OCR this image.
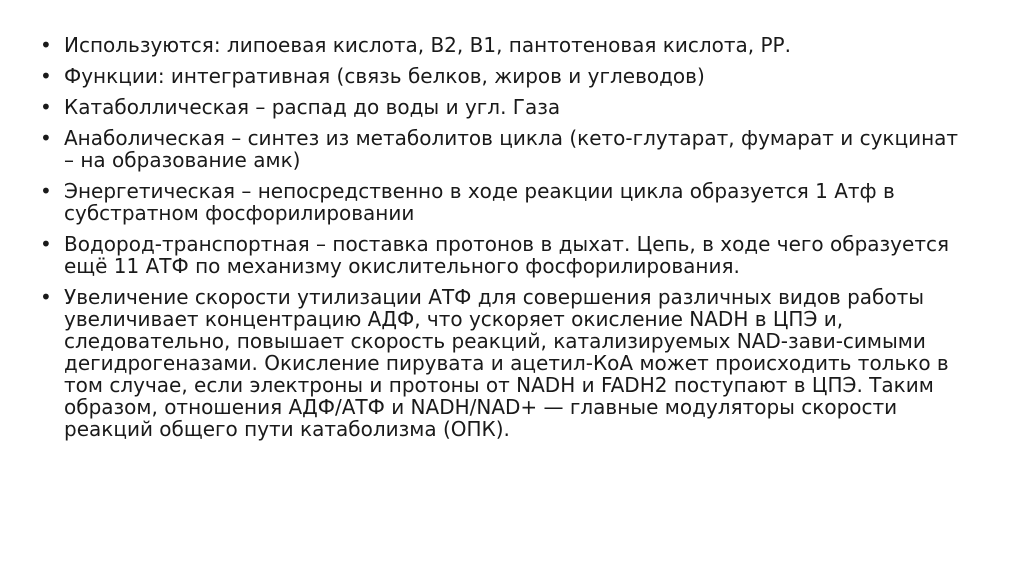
• Используются: липоевая кислота, В2, В1, пантотеновая кислота, РР.
• Функции: интегративная (связь белков, жиров и углеводов)
• Катаболлическая – распад до воды и угл. Газа
• Анаболическая – синтез из метаболитов цикла (кето-глутарат, фумарат и сукцинат – на образование амк)
• Энергетическая – непосредственно в ходе реакции цикла образуется 1 Атф в субстратном фосфорилировании
• Водород-транспортная – поставка протонов в дыхат. Цепь, в ходе чего образуется ещё 11 АТФ по механизму окислительного фосфорилирования.
• Увеличение скорости утилизации АТФ для совершения различных видов работы увеличивает концентрацию АДФ, что ускоряет окисление NADH в ЦПЭ и, следовательно, повышает скорость реакций, катализируемых NAD-зави-симыми дегидрогеназами. Окисление пирувата и ацетил-КоА может происходить только в том случае, если электроны и протоны от NADH и FADH2 поступают в ЦПЭ. Таким образом, отношения АДФ/АТФ и NADH/NAD+ — главные модуляторы скорости реакций общего пути катаболизма (ОПК).
